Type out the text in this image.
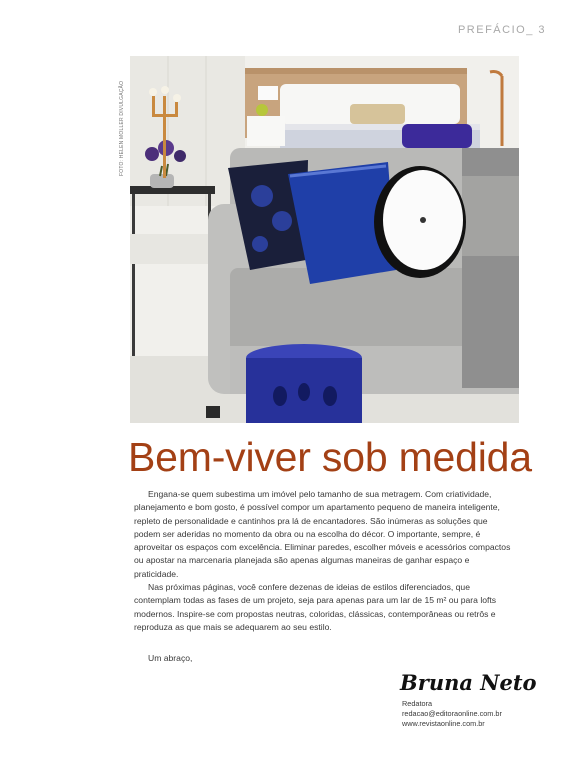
PREFÁCIO_ 3
FOTO: HELEN MOLLER DIVULGAÇÃO
Bem-viver sob medida

Engana-se quem subestima um imóvel pelo tamanho de sua metragem. Com criatividade, planejamento e bom gosto, é possível compor um apartamento pequeno de maneira inteligente, repleto de personalidade e cantinhos pra lá de encantadores. São inúmeras as soluções que podem ser aderidas no momento da obra ou na escolha do décor. O importante, sempre, é aproveitar os espaços com excelência. Eliminar paredes, escolher móveis e acessórios compactos ou apostar na marcenaria planejada são apenas algumas maneiras de ganhar espaço e praticidade.

Nas próximas páginas, você confere dezenas de ideias de estilos diferenciados, que contemplam todas as fases de um projeto, seja para apenas para um lar de 15 m² ou para lofts modernos. Inspire-se com propostas neutras, coloridas, clássicas, contemporâneas ou retrôs e reproduza as que mais se adequarem ao seu estilo.

Um abraço,
Bruna Neto
Redatora
redacao@editoraonline.com.br
www.revistaonline.com.br
